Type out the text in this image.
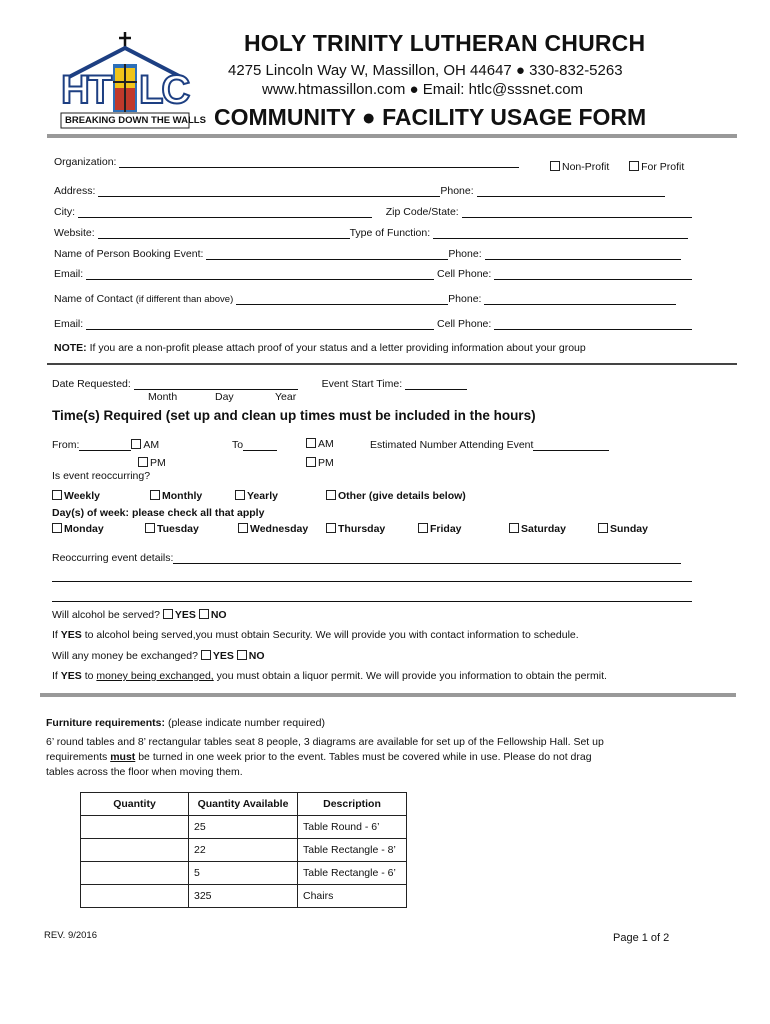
HT LC
BREAKING DOWN THE WALLS
HOLY TRINITY LUTHERAN CHURCH
4275 Lincoln Way W, Massillon, OH 44647 ● 330-832-5263
www.htmassillon.com ● Email: htlc@sssnet.com
COMMUNITY ● FACILITY USAGE FORM
Organization:	Non-Profit	For Profit
Address:	Phone:
City:	Zip Code/State:
Website:	Type of Function:
Name of Person Booking Event:	Phone:
Email:	Cell Phone:
Name of Contact (if different than above)	Phone:
Email:	Cell Phone:
NOTE: If you are a non-profit please attach proof of your status and a letter providing information about your group
Date Requested:	Event Start Time:
Month	Day	Year
Time(s) Required (set up and clean up times must be included in the hours)
From:	AM	To	AM	Estimated Number Attending Event
PM	PM
Is event reoccurring?
Weekly	Monthly	Yearly	Other (give details below)
Day(s) of week: please check all that apply
Monday	Tuesday	Wednesday	Thursday	Friday	Saturday	Sunday
Reoccurring event details:
Will alcohol be served? YES NO
If YES to alcohol being served,you must obtain Security. We will provide you with contact information to schedule.
Will any money be exchanged? YES NO
If YES to money being exchanged, you must obtain a liquor permit. We will provide you information to obtain the permit.
Furniture requirements: (please indicate number required)
6’ round tables and 8’ rectangular tables seat 8 people, 3 diagrams are available for set up of the Fellowship Hall. Set up
requirements must be turned in one week prior to the event. Tables must be covered while in use. Please do not drag
tables across the floor when moving them.
Quantity	Quantity Available	Description
	25	Table Round - 6’
	22	Table Rectangle - 8’
	5	Table Rectangle - 6’
	325	Chairs
REV. 9/2016	Page 1 of 2
